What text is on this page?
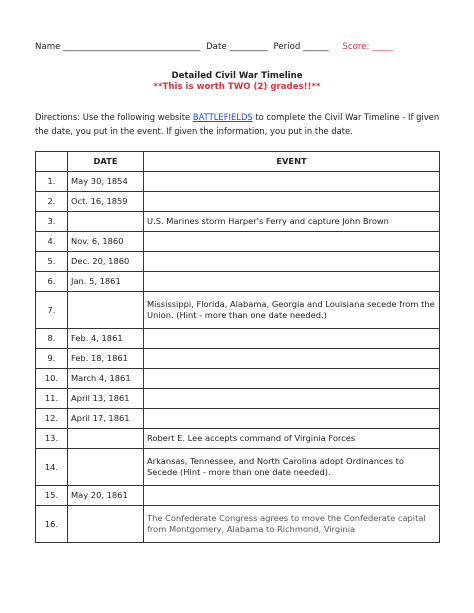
Name ________________________________ Date _________ Period ______ Score: _____
Detailed Civil War Timeline
**This is worth TWO (2) grades!!**
Directions: Use the following website BATTLEFIELDS to complete the Civil War Timeline - If given the date, you put in the event. If given the information, you put in the date.
	DATE	EVENT
1.	May 30, 1854	
2.	Oct. 16, 1859	
3.		U.S. Marines storm Harper's Ferry and capture John Brown
4.	Nov. 6, 1860	
5.	Dec. 20, 1860	
6.	Jan. 5, 1861	
7.		Mississippi, Florida, Alabama, Georgia and Louisiana secede from the Union. (Hint - more than one date needed.)
8.	Feb. 4, 1861	
9.	Feb. 18, 1861	
10.	March 4, 1861	
11.	April 13, 1861	
12.	April 17, 1861	
13.		Robert E. Lee accepts command of Virginia Forces
14.		Arkansas, Tennessee, and North Carolina adopt Ordinances to Secede (Hint - more than one date needed).
15.	May 20, 1861	
16.		The Confederate Congress agrees to move the Confederate capital from Montgomery, Alabama to Richmond, Virginia
